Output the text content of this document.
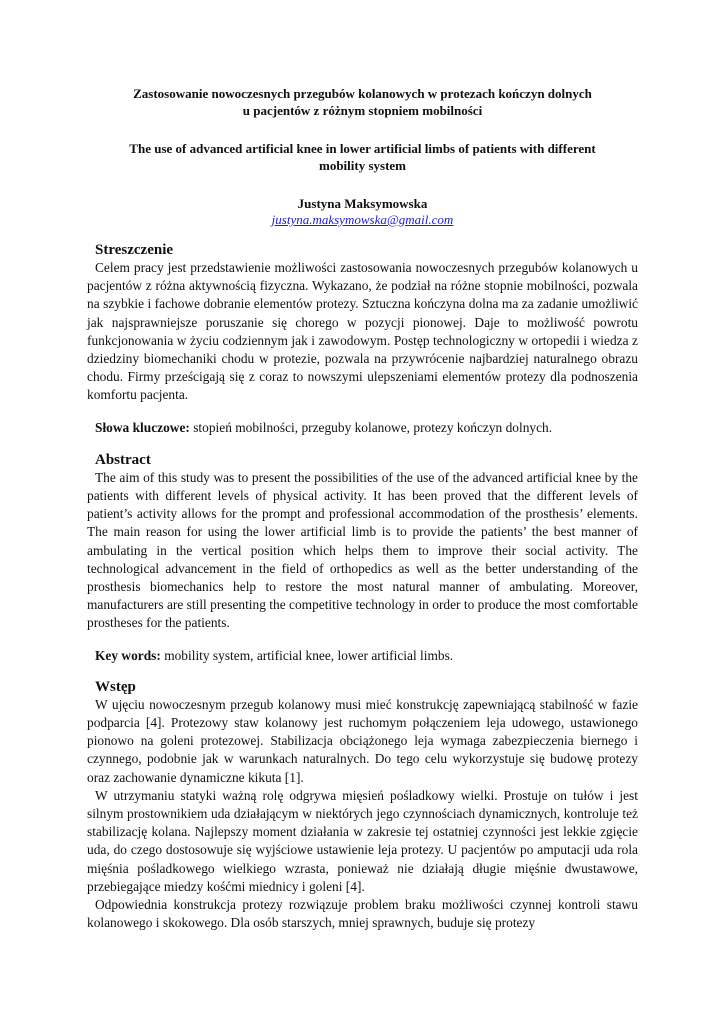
Zastosowanie nowoczesnych przegubów kolanowych w protezach kończyn dolnych
u pacjentów z różnym stopniem mobilności

The use of advanced artificial knee in lower artificial limbs of patients with different
mobility system

Justyna Maksymowska
justyna.maksymowska@gmail.com
Streszczenie

Celem pracy jest przedstawienie możliwości zastosowania nowoczesnych przegubów kolanowych u pacjentów z różna aktywnością fizyczna. Wykazano, że podział na różne stopnie mobilności, pozwala na szybkie i fachowe dobranie elementów protezy. Sztuczna kończyna dolna ma za zadanie umożliwić jak najsprawniejsze poruszanie się chorego w pozycji pionowej. Daje to możliwość powrotu funkcjonowania w życiu codziennym jak i zawodowym. Postęp technologiczny w ortopedii i wiedza z dziedziny biomechaniki chodu w protezie, pozwala na przywrócenie najbardziej naturalnego obrazu chodu. Firmy prześcigają się z coraz to nowszymi ulepszeniami elementów protezy dla podnoszenia komfortu pacjenta.

Słowa kluczowe: stopień mobilności, przeguby kolanowe, protezy kończyn dolnych.

Abstract

The aim of this study was to present the possibilities of the use of the advanced artificial knee by the patients with different levels of physical activity. It has been proved that the different levels of patient’s activity allows for the prompt and professional accommodation of the prosthesis’ elements. The main reason for using the lower artificial limb is to provide the patients’ the best manner of ambulating in the vertical position which helps them to improve their social activity. The technological advancement in the field of orthopedics as well as the better understanding of the prosthesis biomechanics help to restore the most natural manner of ambulating. Moreover, manufacturers are still presenting the competitive technology in order to produce the most comfortable prostheses for the patients.

Key words: mobility system, artificial knee, lower artificial limbs.

Wstęp

W ujęciu nowoczesnym przegub kolanowy musi mieć konstrukcję zapewniającą stabilność w fazie podparcia [4]. Protezowy staw kolanowy jest ruchomym połączeniem leja udowego, ustawionego pionowo na goleni protezowej. Stabilizacja obciążonego leja wymaga zabezpieczenia biernego i czynnego, podobnie jak w warunkach naturalnych. Do tego celu wykorzystuje się budowę protezy oraz zachowanie dynamiczne kikuta [1].

W utrzymaniu statyki ważną rolę odgrywa mięsień pośladkowy wielki. Prostuje on tułów i jest silnym prostownikiem uda działającym w niektórych jego czynnościach dynamicznych, kontroluje też stabilizację kolana. Najlepszy moment działania w zakresie tej ostatniej czynności jest lekkie zgięcie uda, do czego dostosowuje się wyjściowe ustawienie leja protezy. U pacjentów po amputacji uda rola mięśnia pośladkowego wielkiego wzrasta, ponieważ nie działają długie mięśnie dwustawowe, przebiegające miedzy kośćmi miednicy i goleni [4].

Odpowiednia konstrukcja protezy rozwiązuje problem braku możliwości czynnej kontroli stawu kolanowego i skokowego. Dla osób starszych, mniej sprawnych, buduje się protezy
